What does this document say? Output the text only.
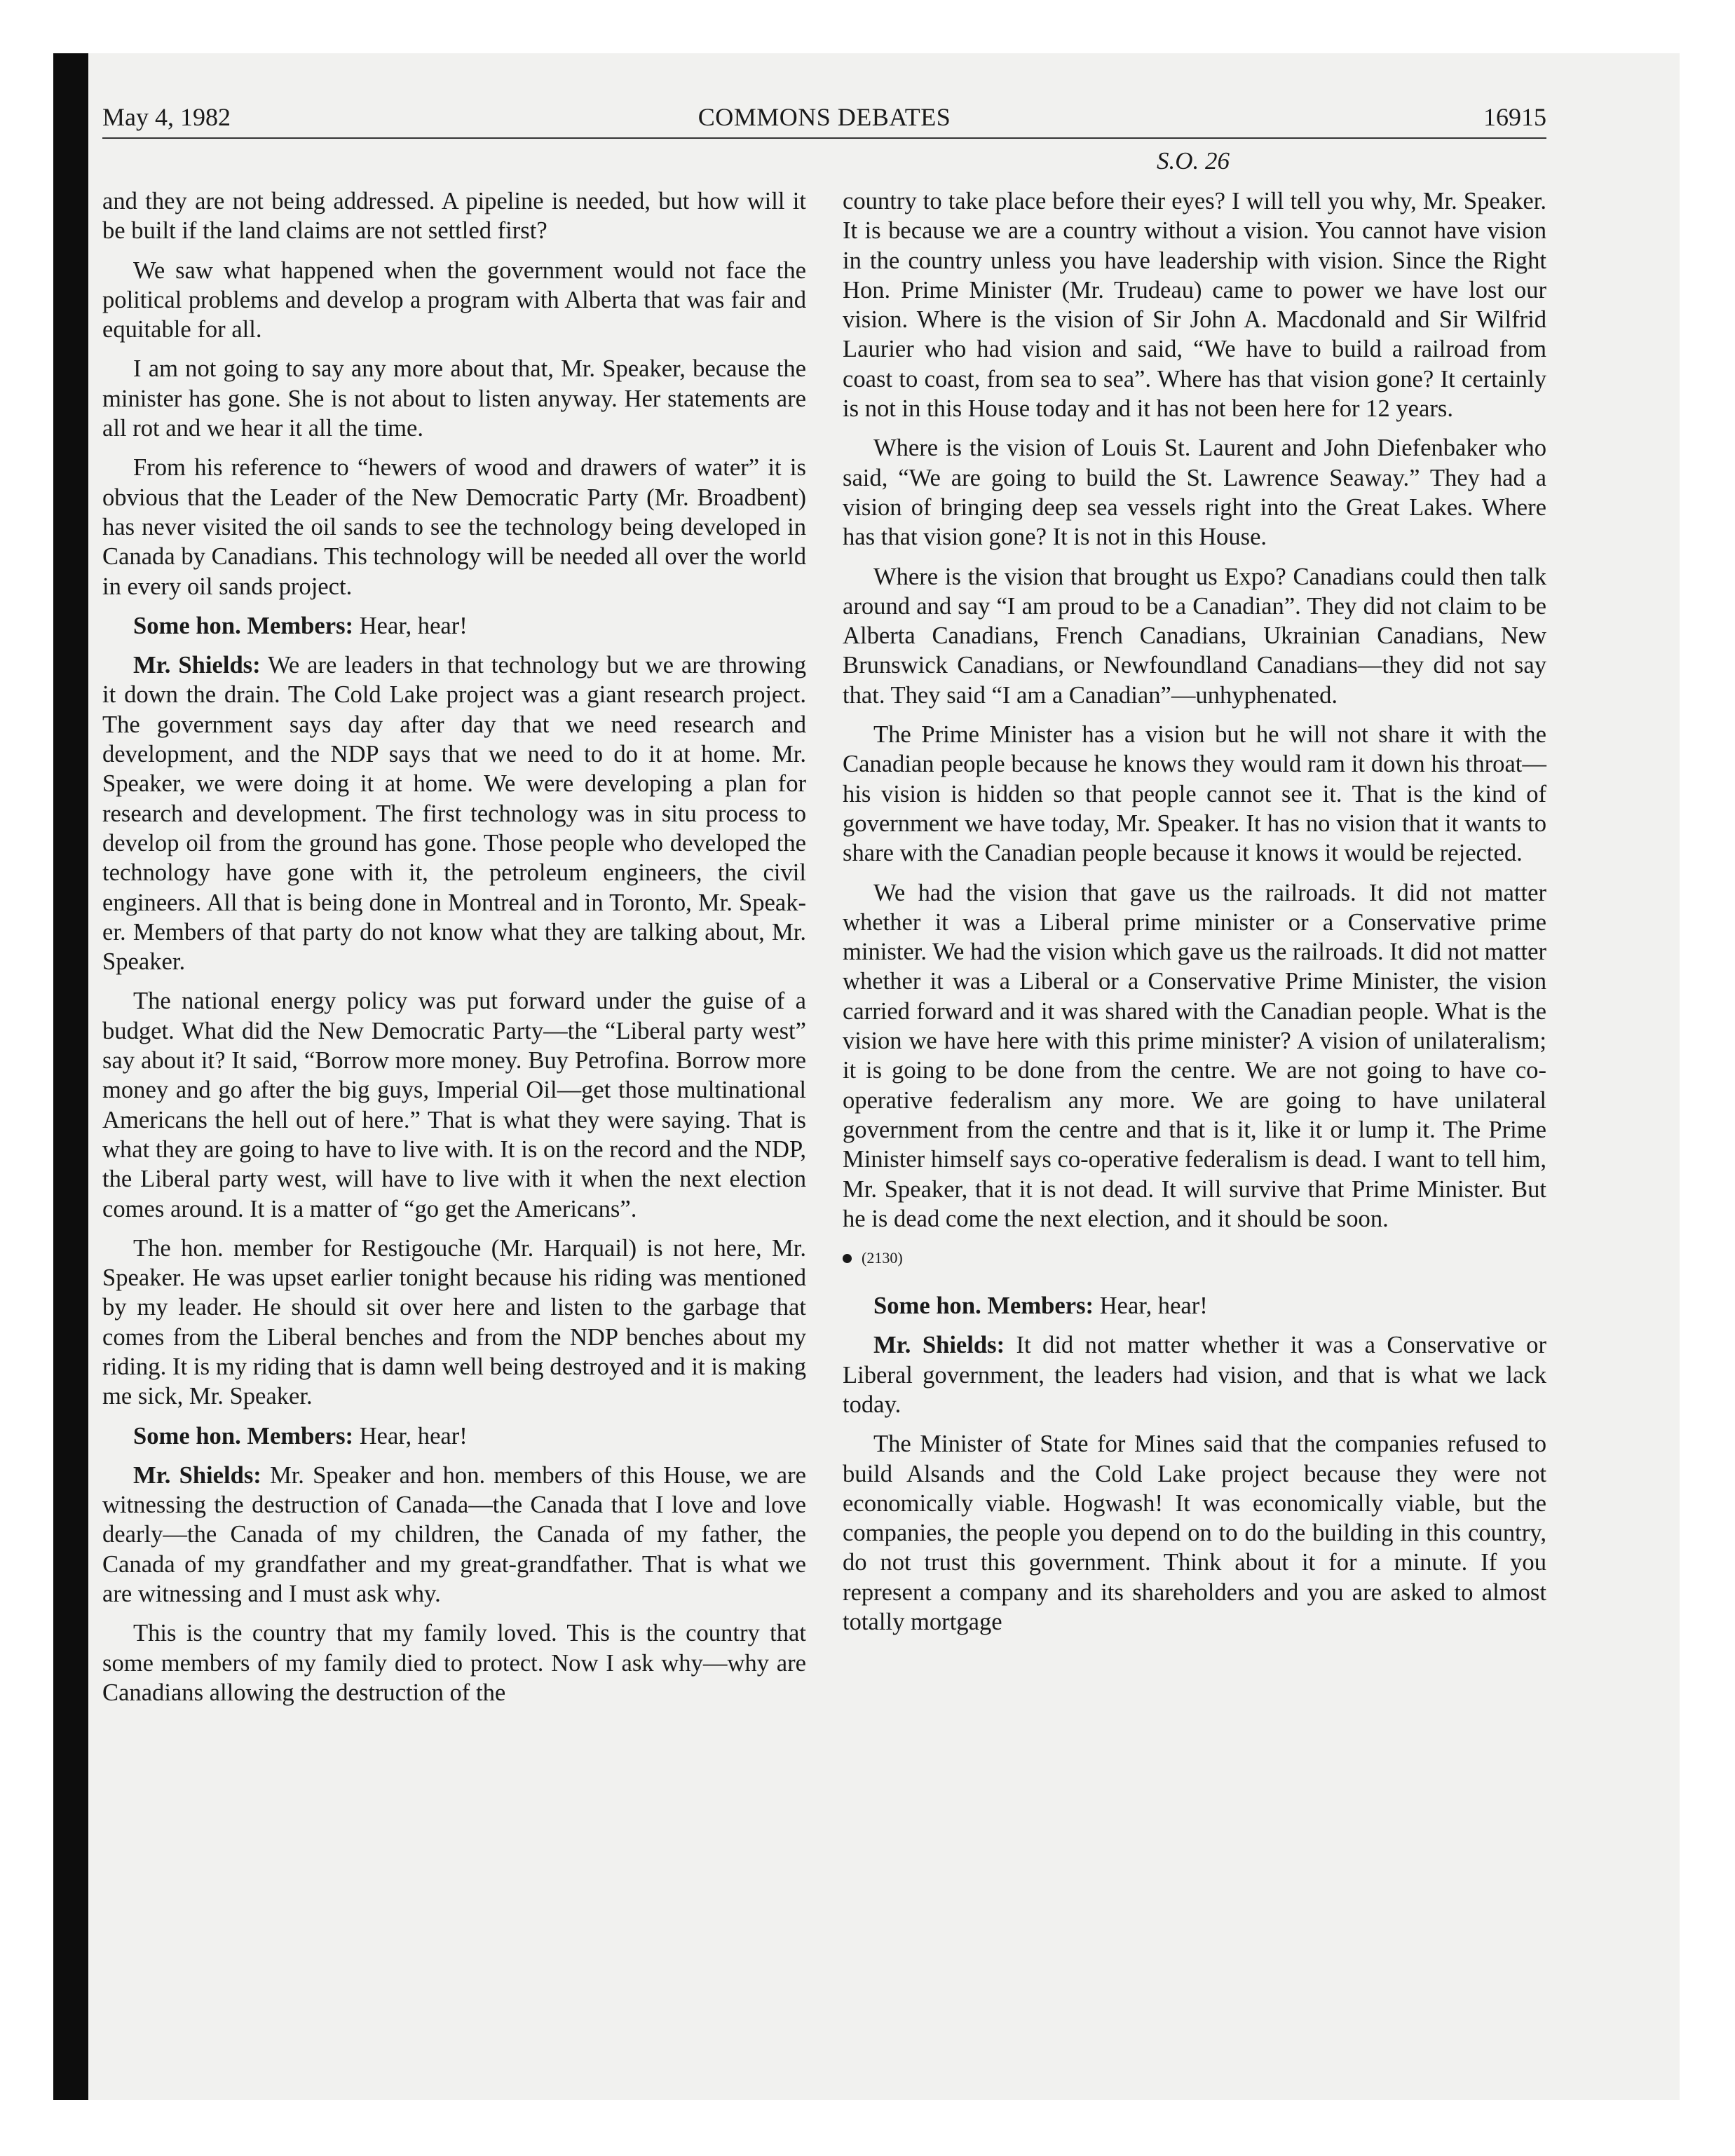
May 4, 1982	COMMONS DEBATES	16915
S.O. 26

and they are not being addressed. A pipeline is needed, but how will it be built if the land claims are not settled first?

We saw what happened when the government would not face the political problems and develop a program with Alberta that was fair and equitable for all.

I am not going to say any more about that, Mr. Speaker, because the minister has gone. She is not about to listen anyway. Her statements are all rot and we hear it all the time.

From his reference to “hewers of wood and drawers of water” it is obvious that the Leader of the New Democratic Party (Mr. Broadbent) has never visited the oil sands to see the technology being developed in Canada by Canadians. This technology will be needed all over the world in every oil sands project.

Some hon. Members: Hear, hear!

Mr. Shields: We are leaders in that technology but we are throwing it down the drain. The Cold Lake project was a giant research project. The government says day after day that we need research and development, and the NDP says that we need to do it at home. Mr. Speaker, we were doing it at home. We were developing a plan for research and development. The first technology was in situ process to develop oil from the ground has gone. Those people who developed the technology have gone with it, the petroleum engineers, the civil engineers. All that is being done in Montreal and in Toronto, Mr. Speaker. Members of that party do not know what they are talking about, Mr. Speaker.

The national energy policy was put forward under the guise of a budget. What did the New Democratic Party—the “Liberal party west” say about it? It said, “Borrow more money. Buy Petrofina. Borrow more money and go after the big guys, Imperial Oil—get those multinational Americans the hell out of here.” That is what they were saying. That is what they are going to have to live with. It is on the record and the NDP, the Liberal party west, will have to live with it when the next election comes around. It is a matter of “go get the Americans”.

The hon. member for Restigouche (Mr. Harquail) is not here, Mr. Speaker. He was upset earlier tonight because his riding was mentioned by my leader. He should sit over here and listen to the garbage that comes from the Liberal benches and from the NDP benches about my riding. It is my riding that is damn well being destroyed and it is making me sick, Mr. Speaker.

Some hon. Members: Hear, hear!

Mr. Shields: Mr. Speaker and hon. members of this House, we are witnessing the destruction of Canada—the Canada that I love and love dearly—the Canada of my children, the Canada of my father, the Canada of my grandfather and my great-grandfather. That is what we are witnessing and I must ask why.

This is the country that my family loved. This is the country that some members of my family died to protect. Now I ask why—why are Canadians allowing the destruction of the

country to take place before their eyes? I will tell you why, Mr. Speaker. It is because we are a country without a vision. You cannot have vision in the country unless you have leadership with vision. Since the Right Hon. Prime Minister (Mr. Trudeau) came to power we have lost our vision. Where is the vision of Sir John A. Macdonald and Sir Wilfrid Laurier who had vision and said, “We have to build a railroad from coast to coast, from sea to sea”. Where has that vision gone? It certainly is not in this House today and it has not been here for 12 years.

Where is the vision of Louis St. Laurent and John Diefenbaker who said, “We are going to build the St. Lawrence Seaway.” They had a vision of bringing deep sea vessels right into the Great Lakes. Where has that vision gone? It is not in this House.

Where is the vision that brought us Expo? Canadians could then talk around and say “I am proud to be a Canadian”. They did not claim to be Alberta Canadians, French Canadians, Ukrainian Canadians, New Brunswick Canadians, or Newfoundland Canadians—they did not say that. They said “I am a Canadian”—unhyphenated.

The Prime Minister has a vision but he will not share it with the Canadian people because he knows they would ram it down his throat—his vision is hidden so that people cannot see it. That is the kind of government we have today, Mr. Speaker. It has no vision that it wants to share with the Canadian people because it knows it would be rejected.

We had the vision that gave us the railroads. It did not matter whether it was a Liberal prime minister or a Conservative prime minister. We had the vision which gave us the railroads. It did not matter whether it was a Liberal or a Conservative Prime Minister, the vision carried forward and it was shared with the Canadian people. What is the vision we have here with this prime minister? A vision of unilateralism; it is going to be done from the centre. We are not going to have co-operative federalism any more. We are going to have unilateral government from the centre and that is it, like it or lump it. The Prime Minister himself says co-operative federalism is dead. I want to tell him, Mr. Speaker, that it is not dead. It will survive that Prime Minister. But he is dead come the next election, and it should be soon.

(2130)

Some hon. Members: Hear, hear!

Mr. Shields: It did not matter whether it was a Conservative or Liberal government, the leaders had vision, and that is what we lack today.

The Minister of State for Mines said that the companies refused to build Alsands and the Cold Lake project because they were not economically viable. Hogwash! It was economically viable, but the companies, the people you depend on to do the building in this country, do not trust this government. Think about it for a minute. If you represent a company and its shareholders and you are asked to almost totally mortgage
